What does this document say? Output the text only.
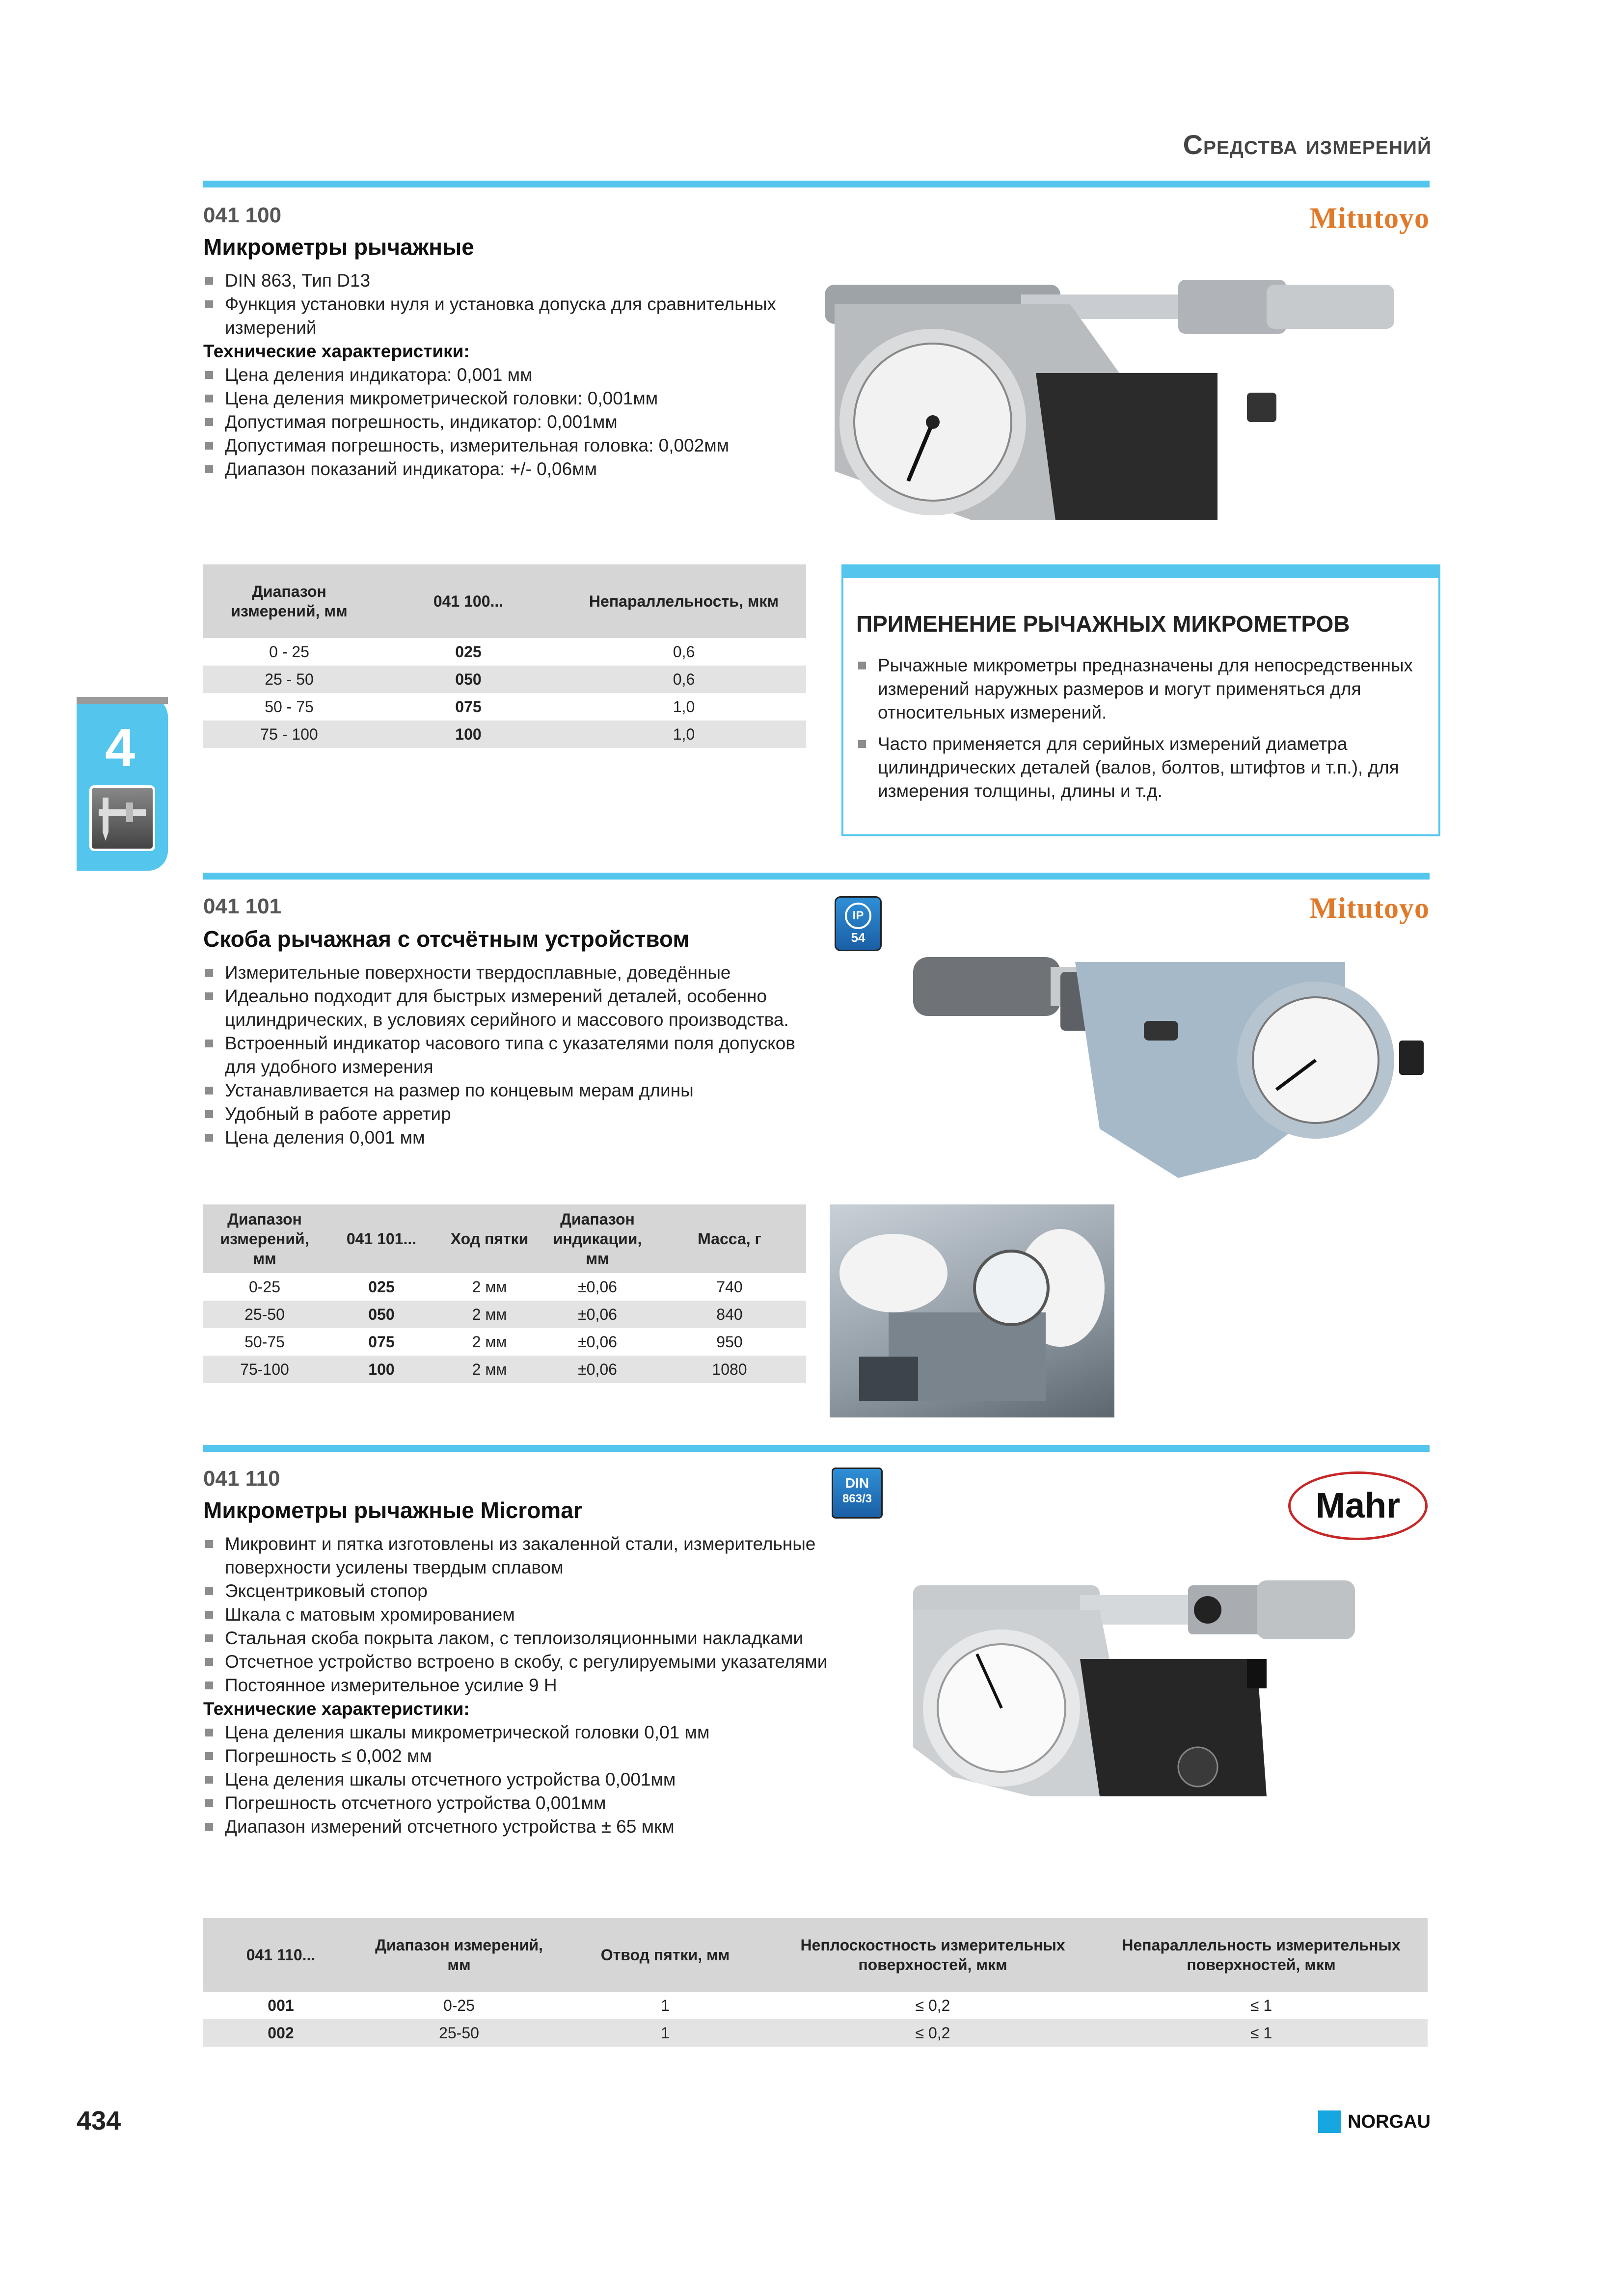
Средства измерений
4
041 100
Микрометры рычажные
Mitutoyo
DIN 863, Тип D13
Функция установки нуля и установка допуска для сравнительных измерений
Технические характеристики:
Цена деления индикатора: 0,001 мм
Цена деления микрометрической головки: 0,001мм
Допустимая погрешность, индикатор: 0,001мм
Допустимая погрешность, измерительная головка: 0,002мм
Диапазон показаний индикатора: +/- 0,06мм
Диапазон измерений, мм	041 100...	Непараллельность, мкм
0 - 25	025	0,6
25 - 50	050	0,6
50 - 75	075	1,0
75 - 100	100	1,0
ПРИМЕНЕНИЕ РЫЧАЖНЫХ МИКРОМЕТРОВ
Рычажные микрометры предназначены для непосредственных измерений наружных размеров и могут применяться для относительных измерений.
Часто применяется для серийных измерений диаметра цилиндрических деталей (валов, болтов, штифтов и т.п.), для измерения толщины, длины и т.д.
041 101
Скоба рычажная с отсчётным устройством
Mitutoyo
IP
54
Измерительные поверхности твердосплавные, доведённые
Идеально подходит для быстрых измерений деталей, особенно цилиндрических, в условиях серийного и массового производства.
Встроенный индикатор часового типа с указателями поля допусков для удобного измерения
Устанавливается на размер по концевым мерам длины
Удобный в работе арретир
Цена деления 0,001 мм
Диапазон измерений, мм	041 101...	Ход пятки	Диапазон индикации, мм	Масса, г
0-25	025	2 мм	±0,06	740
25-50	050	2 мм	±0,06	840
50-75	075	2 мм	±0,06	950
75-100	100	2 мм	±0,06	1080
041 110
Микрометры рычажные Micromar	Mahr
DIN
863/3
Микровинт и пятка изготовлены из закаленной стали, измерительные поверхности усилены твердым сплавом
Эксцентриковый стопор
Шкала с матовым хромированием
Стальная скоба покрыта лаком, с теплоизоляционными накладками
Отсчетное устройство встроено в скобу, с регулируемыми указателями
Постоянное измерительное усилие 9 Н
Технические характеристики:
Цена деления шкалы микрометрической головки 0,01 мм
Погрешность ≤ 0,002 мм
Цена деления шкалы отсчетного устройства 0,001мм
Погрешность отсчетного устройства 0,001мм
Диапазон измерений отсчетного устройства ± 65 мкм
041 110...	Диапазон измерений, мм	Отвод пятки, мм	Неплоскостность измерительных поверхностей, мкм	Непараллельность измерительных поверхностей, мкм
001	0-25	1	≤ 0,2	≤ 1
002	25-50	1	≤ 0,2	≤ 1
434	NORGAU
